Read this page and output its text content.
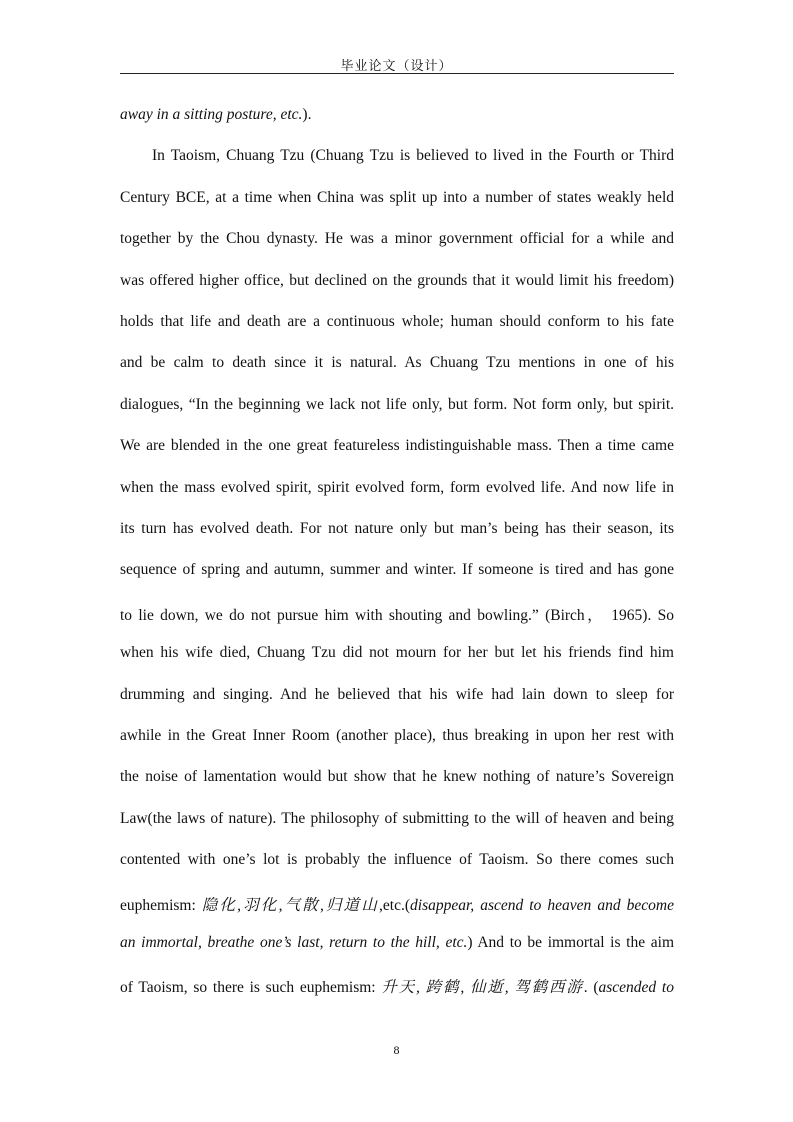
毕业论文（设计）
away in a sitting posture, etc.).
In Taoism, Chuang Tzu (Chuang Tzu is believed to lived in the Fourth or Third
Century BCE, at a time when China was split up into a number of states weakly held
together by the Chou dynasty. He was a minor government official for a while and
was offered higher office, but declined on the grounds that it would limit his freedom)
holds that life and death are a continuous whole; human should conform to his fate
and be calm to death since it is natural. As Chuang Tzu mentions in one of his
dialogues, “In the beginning we lack not life only, but form. Not form only, but spirit.
We are blended in the one great featureless indistinguishable mass. Then a time came
when the mass evolved spirit, spirit evolved form, form evolved life. And now life in
its turn has evolved death. For not nature only but man’s being has their season, its
sequence of spring and autumn, summer and winter. If someone is tired and has gone
to lie down, we do not pursue him with shouting and bowling.” (Birch， 1965). So
when his wife died, Chuang Tzu did not mourn for her but let his friends find him
drumming and singing. And he believed that his wife had lain down to sleep for
awhile in the Great Inner Room (another place), thus breaking in upon her rest with
the noise of lamentation would but show that he knew nothing of nature’s Sovereign
Law(the laws of nature). The philosophy of submitting to the will of heaven and being
contented with one’s lot is probably the influence of Taoism. So there comes such
euphemism: 隐化,羽化,气散,归道山,etc.(disappear, ascend to heaven and become
an immortal, breathe one’s last, return to the hill, etc.) And to be immortal is the aim
of Taoism, so there is such euphemism: 升天, 跨鹤, 仙逝, 驾鹤西游. (ascended to
8
